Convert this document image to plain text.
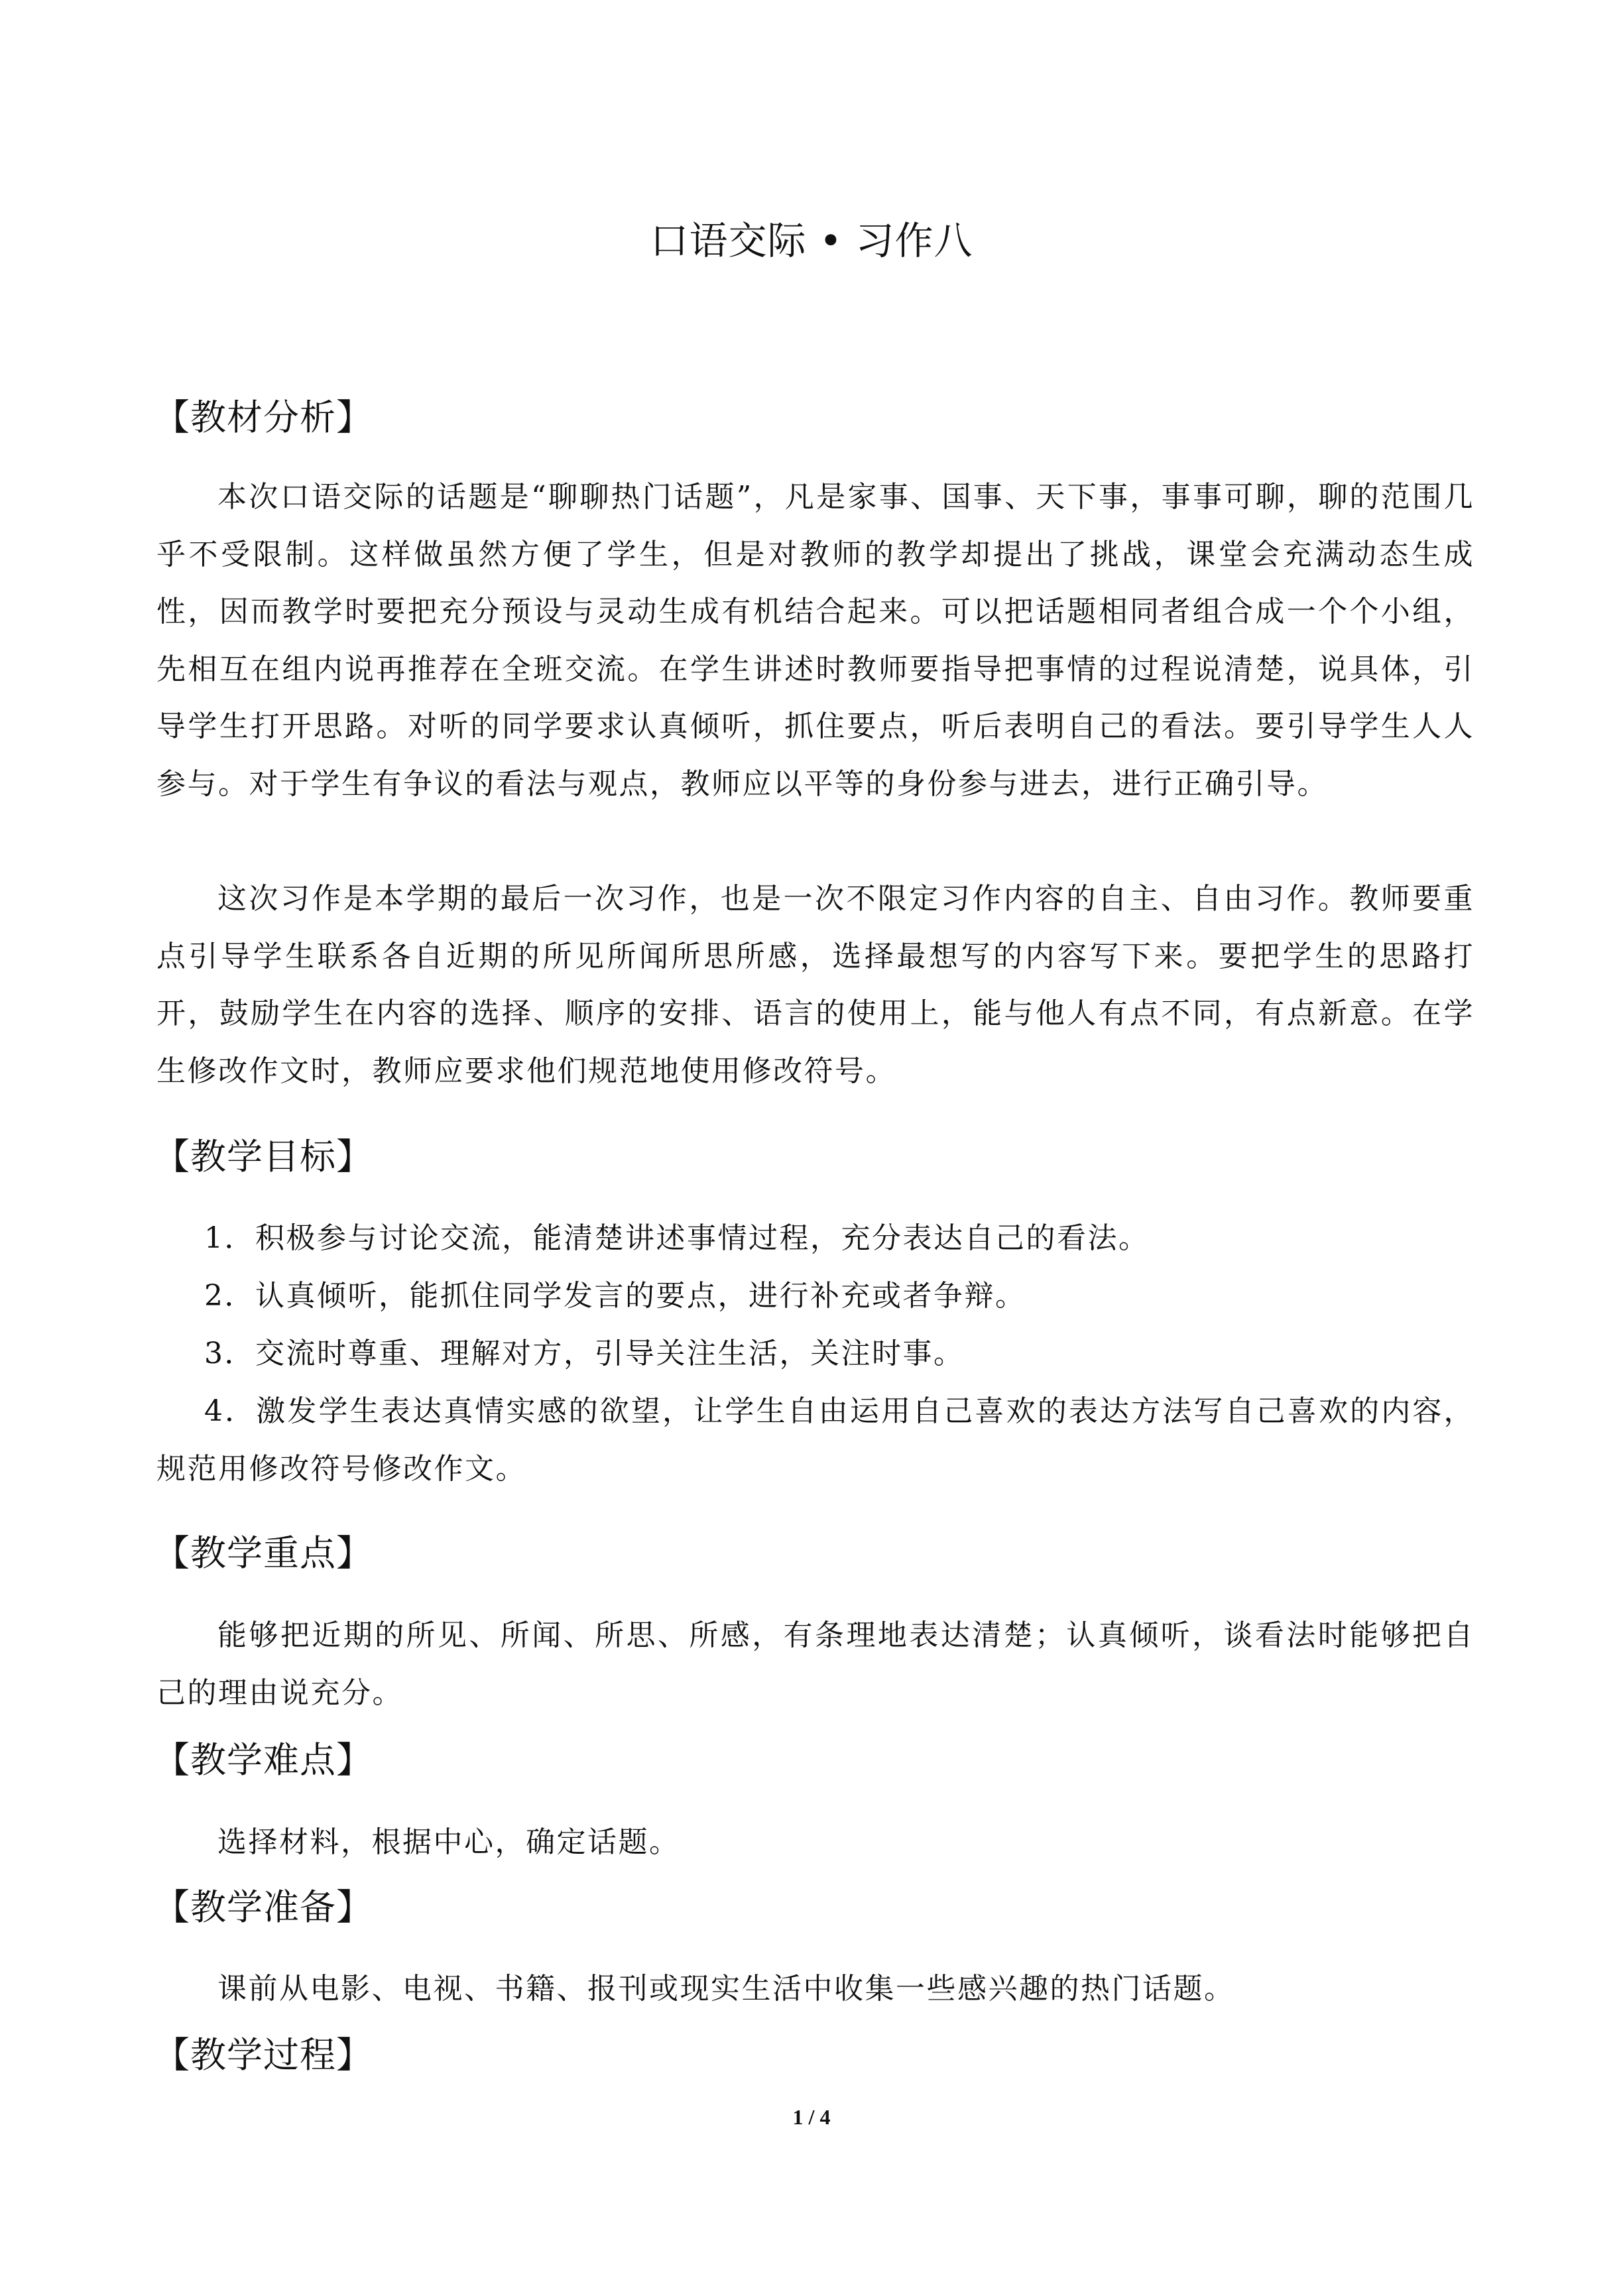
口语交际 • 习作八
【教材分析】

本次口语交际的话题是“聊聊热门话题”，凡是家事、国事、天下事，事事可聊，聊的范围几乎不受限制。这样做虽然方便了学生，但是对教师的教学却提出了挑战，课堂会充满动态生成性，因而教学时要把充分预设与灵动生成有机结合起来。可以把话题相同者组合成一个个小组，先相互在组内说再推荐在全班交流。在学生讲述时教师要指导把事情的过程说清楚，说具体，引导学生打开思路。对听的同学要求认真倾听，抓住要点，听后表明自己的看法。要引导学生人人参与。对于学生有争议的看法与观点，教师应以平等的身份参与进去，进行正确引导。

这次习作是本学期的最后一次习作，也是一次不限定习作内容的自主、自由习作。教师要重点引导学生联系各自近期的所见所闻所思所感，选择最想写的内容写下来。要把学生的思路打开，鼓励学生在内容的选择、顺序的安排、语言的使用上，能与他人有点不同，有点新意。在学生修改作文时，教师应要求他们规范地使用修改符号。

【教学目标】

1．积极参与讨论交流，能清楚讲述事情过程，充分表达自己的看法。

2．认真倾听，能抓住同学发言的要点，进行补充或者争辩。

3．交流时尊重、理解对方，引导关注生活，关注时事。

4．激发学生表达真情实感的欲望，让学生自由运用自己喜欢的表达方法写自己喜欢的内容，规范用修改符号修改作文。

【教学重点】

能够把近期的所见、所闻、所思、所感，有条理地表达清楚；认真倾听，谈看法时能够把自己的理由说充分。

【教学难点】

选择材料，根据中心，确定话题。

【教学准备】

课前从电影、电视、书籍、报刊或现实生活中收集一些感兴趣的热门话题。

【教学过程】
1 / 4
